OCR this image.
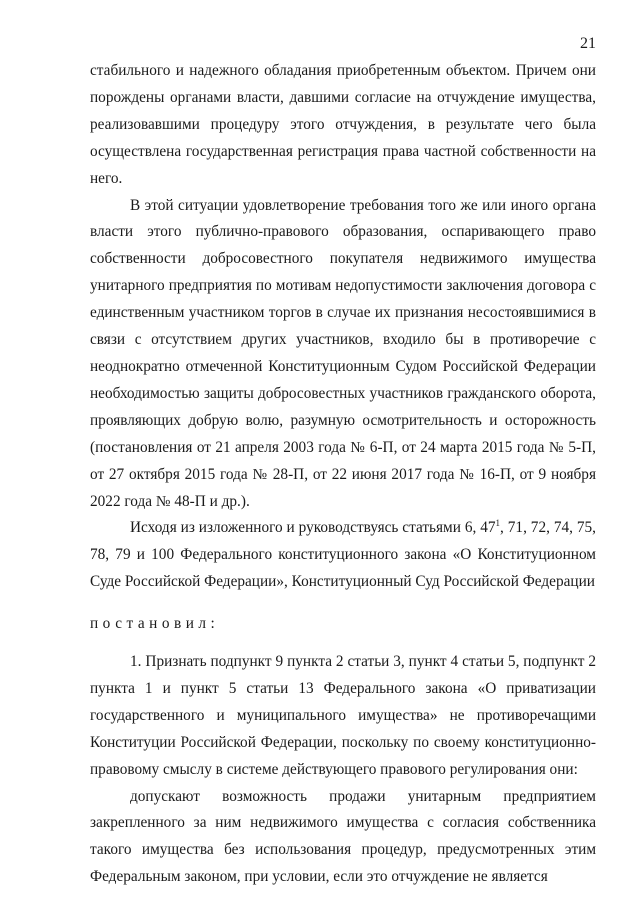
21

стабильного и надежного обладания приобретенным объектом. Причем они порождены органами власти, давшими согласие на отчуждение имущества, реализовавшими процедуру этого отчуждения, в результате чего была осуществлена государственная регистрация права частной собственности на него.

В этой ситуации удовлетворение требования того же или иного органа власти этого публично-правового образования, оспаривающего право собственности добросовестного покупателя недвижимого имущества унитарного предприятия по мотивам недопустимости заключения договора с единственным участником торгов в случае их признания несостоявшимися в связи с отсутствием других участников, входило бы в противоречие с неоднократно отмеченной Конституционным Судом Российской Федерации необходимостью защиты добросовестных участников гражданского оборота, проявляющих добрую волю, разумную осмотрительность и осторожность (постановления от 21 апреля 2003 года № 6-П, от 24 марта 2015 года № 5-П, от 27 октября 2015 года № 28-П, от 22 июня 2017 года № 16-П, от 9 ноября 2022 года № 48-П и др.).

Исходя из изложенного и руководствуясь статьями 6, $47^1$, 71, 72, 74, 75, 78, 79 и 100 Федерального конституционного закона «О Конституционном Суде Российской Федерации», Конституционный Суд Российской Федерации

постановил:

1. Признать подпункт 9 пункта 2 статьи 3, пункт 4 статьи 5, подпункт 2 пункта 1 и пункт 5 статьи 13 Федерального закона «О приватизации государственного и муниципального имущества» не противоречащими Конституции Российской Федерации, поскольку по своему конституционно-правовому смыслу в системе действующего правового регулирования они:

допускают возможность продажи унитарным предприятием закрепленного за ним недвижимого имущества с согласия собственника такого имущества без использования процедур, предусмотренных этим Федеральным законом, при условии, если это отчуждение не является
